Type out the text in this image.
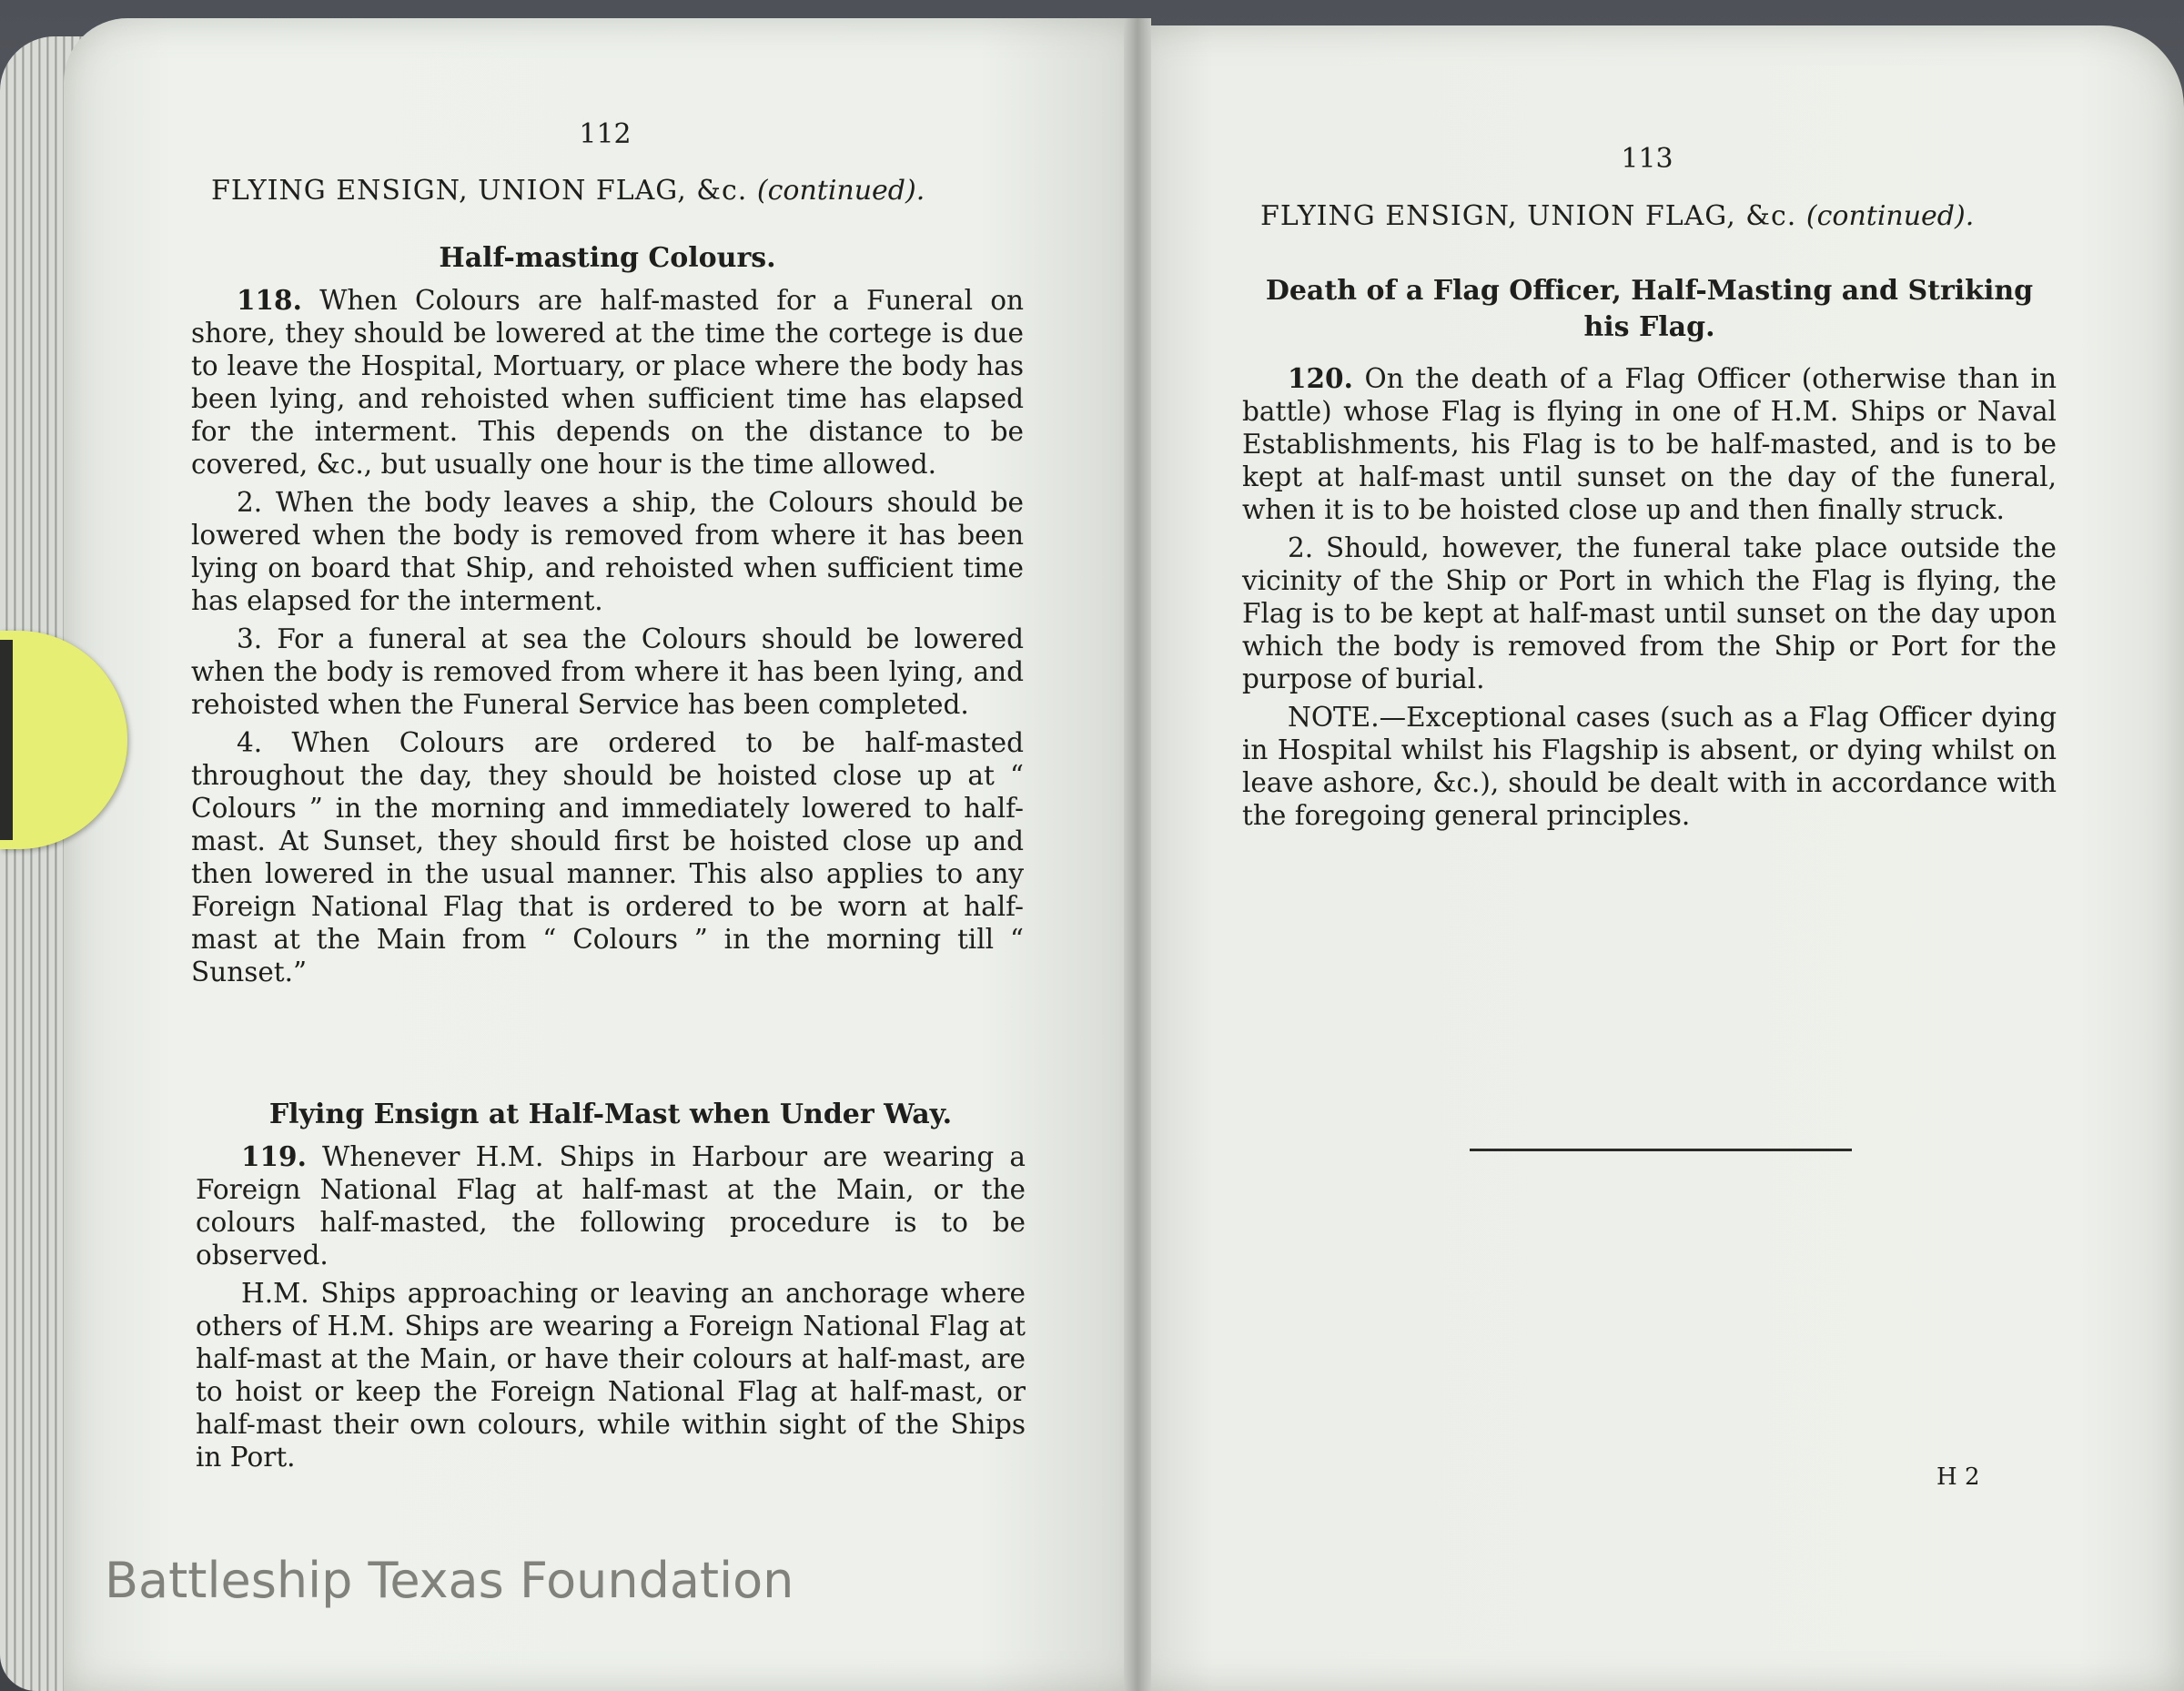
112
FLYING ENSIGN, UNION FLAG, &c. (continued).
Half-masting Colours.

118. When Colours are half-masted for a Funeral on shore, they should be lowered at the time the cortege is due to leave the Hospital, Mortuary, or place where the body has been lying, and rehoisted when sufficient time has elapsed for the interment. This depends on the distance to be covered, &c., but usually one hour is the time allowed.

2. When the body leaves a ship, the Colours should be lowered when the body is removed from where it has been lying on board that Ship, and rehoisted when sufficient time has elapsed for the interment.

3. For a funeral at sea the Colours should be lowered when the body is removed from where it has been lying, and rehoisted when the Funeral Service has been completed.

4. When Colours are ordered to be half-masted throughout the day, they should be hoisted close up at “ Colours ” in the morning and immediately lowered to half-mast. At Sunset, they should first be hoisted close up and then lowered in the usual manner. This also applies to any Foreign National Flag that is ordered to be worn at half-mast at the Main from “ Colours ” in the morning till “ Sunset.”

Flying Ensign at Half-Mast when Under Way.

119. Whenever H.M. Ships in Harbour are wearing a Foreign National Flag at half-mast at the Main, or the colours half-masted, the following procedure is to be observed.

H.M. Ships approaching or leaving an anchorage where others of H.M. Ships are wearing a Foreign National Flag at half-mast at the Main, or have their colours at half-mast, are to hoist or keep the Foreign National Flag at half-mast, or half-mast their own colours, while within sight of the Ships in Port.

113
FLYING ENSIGN, UNION FLAG, &c. (continued).
Death of a Flag Officer, Half-Masting and Striking his Flag.

120. On the death of a Flag Officer (otherwise than in battle) whose Flag is flying in one of H.M. Ships or Naval Establishments, his Flag is to be half-masted, and is to be kept at half-mast until sunset on the day of the funeral, when it is to be hoisted close up and then finally struck.

2. Should, however, the funeral take place outside the vicinity of the Ship or Port in which the Flag is flying, the Flag is to be kept at half-mast until sunset on the day upon which the body is removed from the Ship or Port for the purpose of burial.

NOTE.—Exceptional cases (such as a Flag Officer dying in Hospital whilst his Flagship is absent, or dying whilst on leave ashore, &c.), should be dealt with in accordance with the foregoing general principles.

H 2
Battleship Texas Foundation
